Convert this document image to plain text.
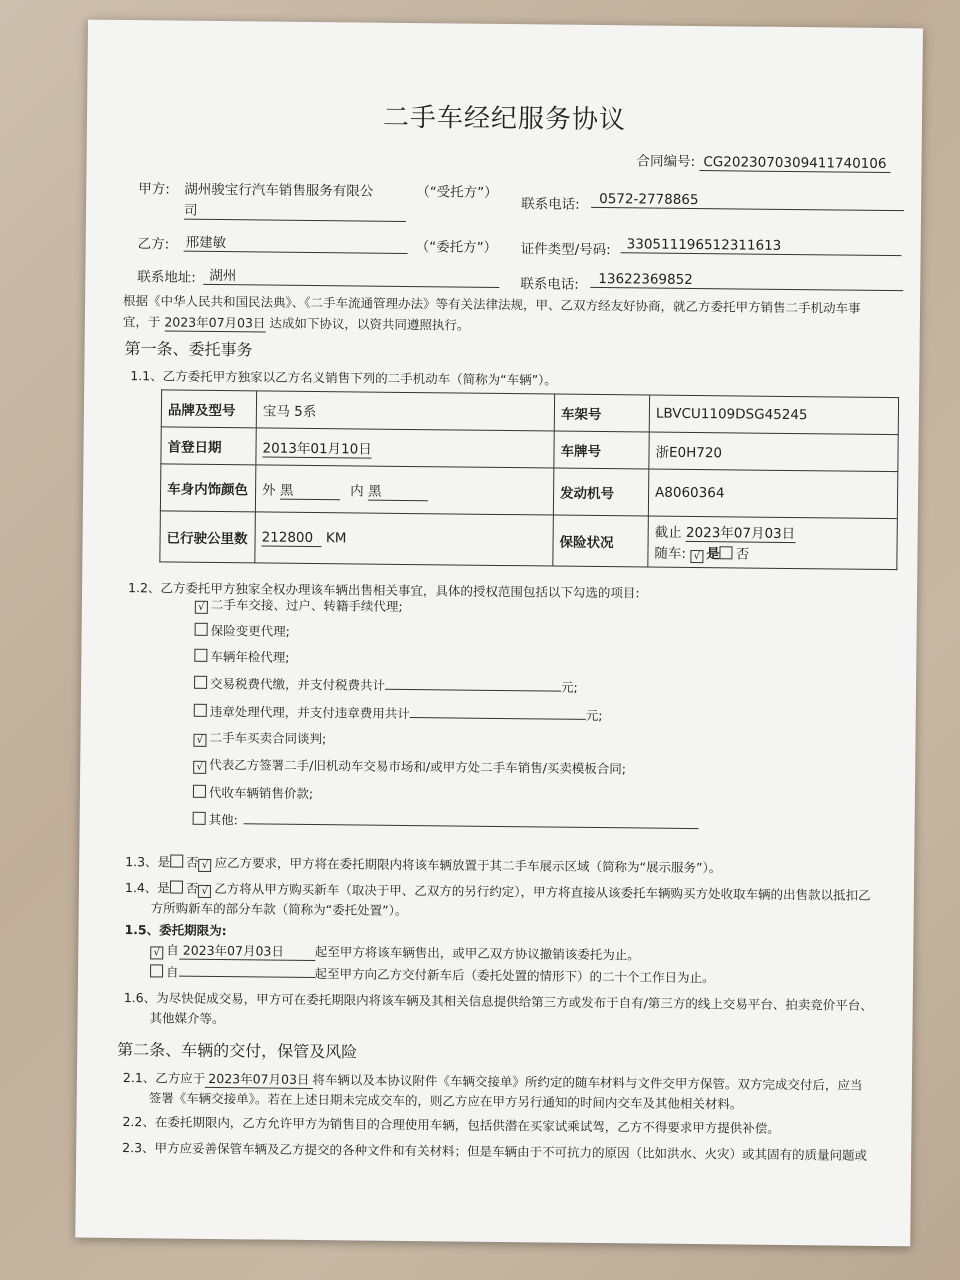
二手车经纪服务协议
合同编号: CG2023070309411740106
甲方: 湖州骏宝行汽车销售服务有限公
司
（“受托方”）
联系电话:	0572-2778865
乙方: 邢建敏	（“委托方”） 证件类型/号码:	330511196512311613
联系地址: 湖州
联系电话:	13622369852
根据《中华人民共和国民法典》、《二手车流通管理办法》等有关法律法规，甲、乙双方经友好协商，就乙方委托甲方销售二手机动车事
宜，于 2023年07月03日 达成如下协议，以资共同遵照执行。
第一条、委托事务
1.1、乙方委托甲方独家以乙方名义销售下列的二手机动车（简称为“车辆”）。
品牌及型号	宝马 5系	车架号	LBVCU1109DSG45245
首登日期	2013年01月10日	车牌号	浙E0H720
车身内饰颜色	外 黑 内 黑	发动机号	A8060364
已行驶公里数	212800 KM	保险状况	截止 2023年07月03日
随车: √ 是 否
1.2、乙方委托甲方独家全权办理该车辆出售相关事宜，具体的授权范围包括以下勾选的项目:
√ 二手车交接、过户、转籍手续代理;
保险变更代理;
车辆年检代理;
交易税费代缴，并支付税费共计	元;
违章处理代理，并支付违章费用共计	元;
√ 二手车买卖合同谈判;
√ 代表乙方签署二手/旧机动车交易市场和/或甲方处二手车销售/买卖模板合同;
代收车辆销售价款;
其他:
1.3、是 否 √ 应乙方要求，甲方将在委托期限内将该车辆放置于其二手车展示区域（简称为“展示服务”）。
1.4、是 否 √ 乙方将从甲方购买新车（取决于甲、乙双方的另行约定），甲方将直接从该委托车辆购买方处收取车辆的出售款以抵扣乙
方所购新车的部分车款（简称为“委托处置”）。
1.5、委托期限为:
√ 自 2023年07月03日 起至甲方将该车辆售出，或甲乙双方协议撤销该委托为止。
自	起至甲方向乙方交付新车后（委托处置的情形下）的二十个工作日为止。
1.6、为尽快促成交易，甲方可在委托期限内将该车辆及其相关信息提供给第三方或发布于自有/第三方的线上交易平台、拍卖竞价平台、
其他媒介等。
第二条、车辆的交付，保管及风险
2.1、乙方应于 2023年07月03日 将车辆以及本协议附件《车辆交接单》所约定的随车材料与文件交甲方保管。双方完成交付后，应当
签署《车辆交接单》。若在上述日期未完成交车的，则乙方应在甲方另行通知的时间内交车及其他相关材料。
2.2、在委托期限内，乙方允许甲方为销售目的合理使用车辆，包括供潜在买家试乘试驾，乙方不得要求甲方提供补偿。
2.3、甲方应妥善保管车辆及乙方提交的各种文件和有关材料；但是车辆由于不可抗力的原因（比如洪水、火灾）或其固有的质量问题或
